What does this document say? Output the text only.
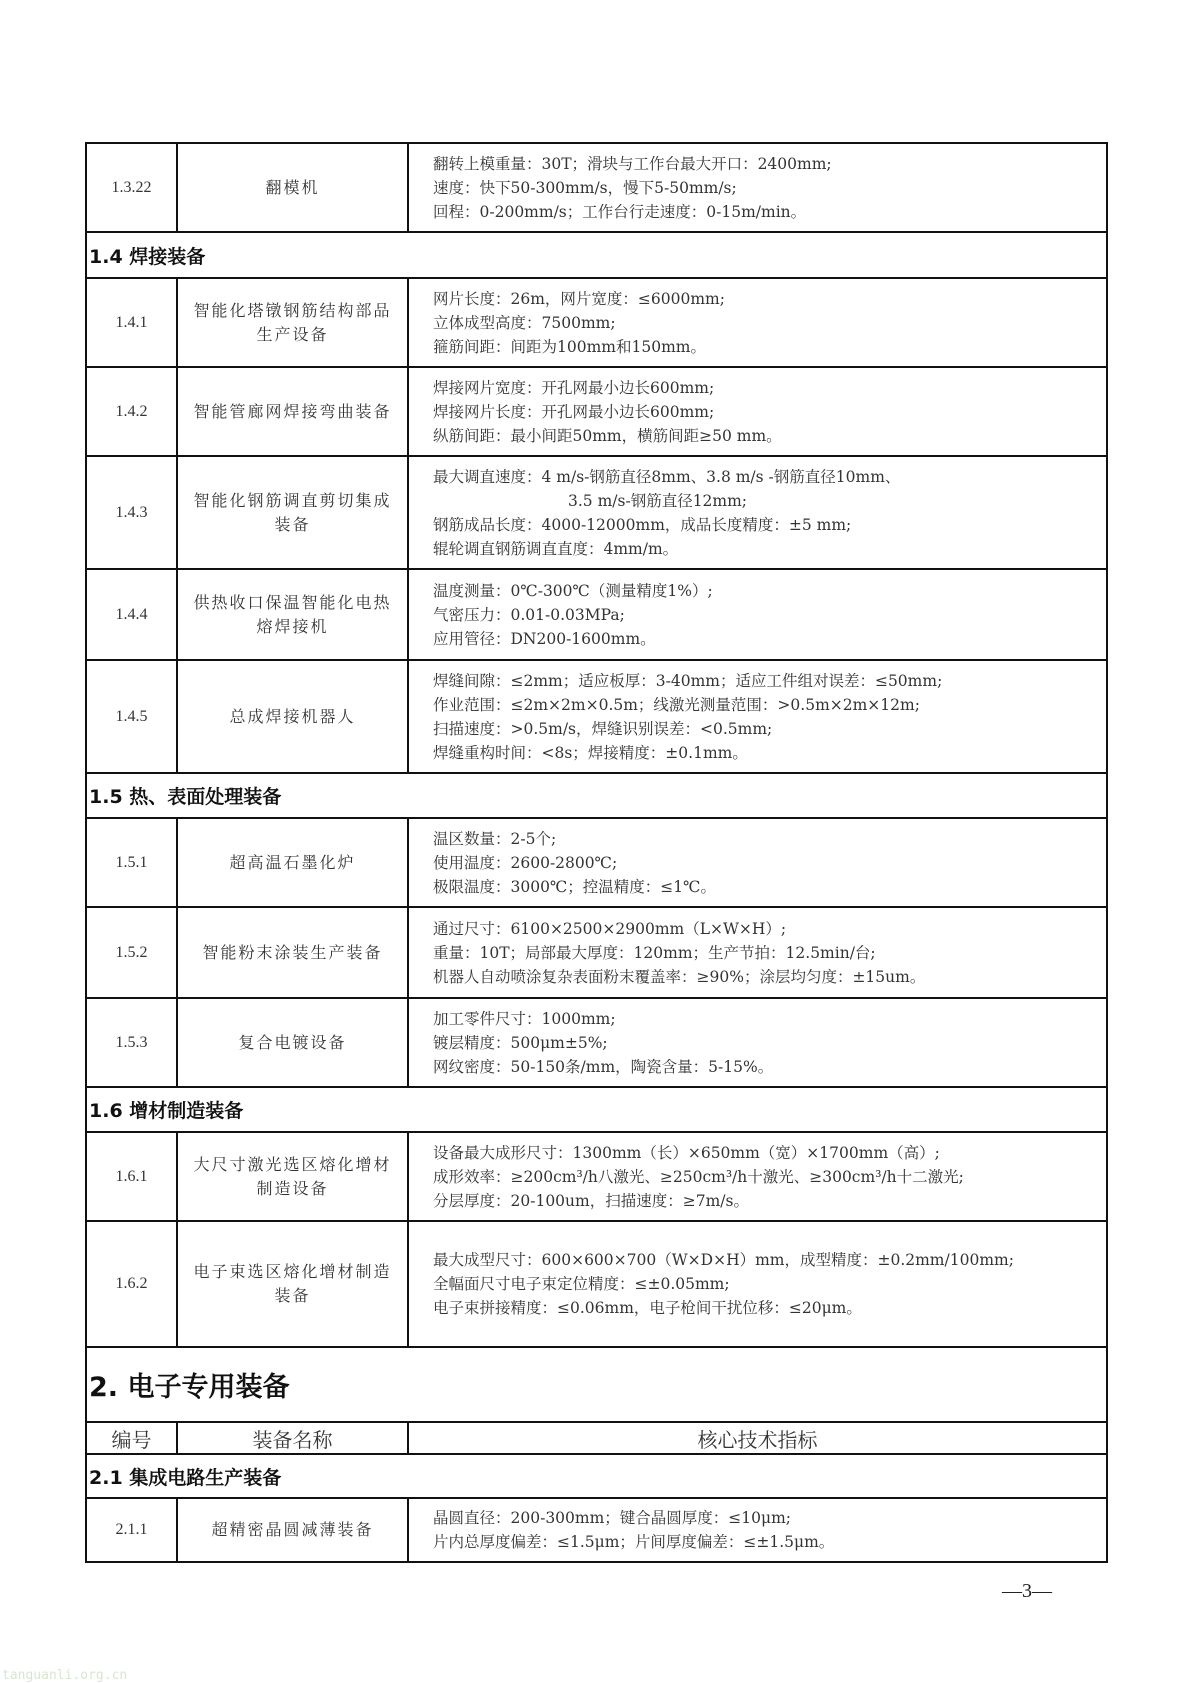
1.3.22	翻模机	翻转上模重量：30T；滑块与工作台最大开口：2400mm;
速度：快下50-300mm/s，慢下5-50mm/s;
回程：0-200mm/s；工作台行走速度：0-15m/min。

1.4 焊接装备		
1.4.1	智能化塔镦钢筋结构部品生产设备	网片长度：26m，网片宽度：≤6000mm;
立体成型高度：7500mm;
箍筋间距：间距为100mm和150mm。

1.4.2	智能管廊网焊接弯曲装备	焊接网片宽度：开孔网最小边长600mm;
焊接网片长度：开孔网最小边长600mm;
纵筋间距：最小间距50mm，横筋间距≥50 mm。

1.4.3	智能化钢筋调直剪切集成装备	最大调直速度：4 m/s-钢筋直径8mm、3.8 m/s -钢筋直径10mm、
3.5 m/s-钢筋直径12mm;
钢筋成品长度：4000-12000mm，成品长度精度：±5 mm;
辊轮调直钢筋调直直度：4mm/m。

1.4.4	供热收口保温智能化电热熔焊接机	温度测量：0℃-300℃（测量精度1%）;
气密压力：0.01-0.03MPa;
应用管径：DN200-1600mm。

1.4.5	总成焊接机器人	焊缝间隙：≤2mm；适应板厚：3-40mm；适应工件组对误差：≤50mm;
作业范围：≤2m×2m×0.5m；线激光测量范围：>0.5m×2m×12m;
扫描速度：>0.5m/s，焊缝识别误差：<0.5mm;
焊缝重构时间：<8s；焊接精度：±0.1mm。

1.5 热、表面处理装备		
1.5.1	超高温石墨化炉	温区数量：2-5个;
使用温度：2600-2800℃;
极限温度：3000℃；控温精度：≤1℃。

1.5.2	智能粉末涂装生产装备	通过尺寸：6100×2500×2900mm（L×W×H）;
重量：10T；局部最大厚度：120mm；生产节拍：12.5min/台;
机器人自动喷涂复杂表面粉末覆盖率：≥90%；涂层均匀度：±15um。

1.5.3	复合电镀设备	加工零件尺寸：1000mm;
镀层精度：500μm±5%;
网纹密度：50-150条/mm，陶瓷含量：5-15%。

1.6 增材制造装备		
1.6.1	大尺寸激光选区熔化增材制造设备	设备最大成形尺寸：1300mm（长）×650mm（宽）×1700mm（高）;
成形效率：≥200cm³/h八激光、≥250cm³/h十激光、≥300cm³/h十二激光;
分层厚度：20-100um，扫描速度：≥7m/s。

1.6.2	电子束选区熔化增材制造装备	最大成型尺寸：600×600×700（W×D×H）mm，成型精度：±0.2mm/100mm;
全幅面尺寸电子束定位精度：≤±0.05mm;
电子束拼接精度：≤0.06mm，电子枪间干扰位移：≤20μm。

2. 电子专用装备		
编号	装备名称	核心技术指标
2.1 集成电路生产装备		
2.1.1	超精密晶圆减薄装备	晶圆直径：200-300mm；键合晶圆厚度：≤10μm;
片内总厚度偏差：≤1.5μm；片间厚度偏差：≤±1.5μm。
—3—
tanguanli.org.cn
